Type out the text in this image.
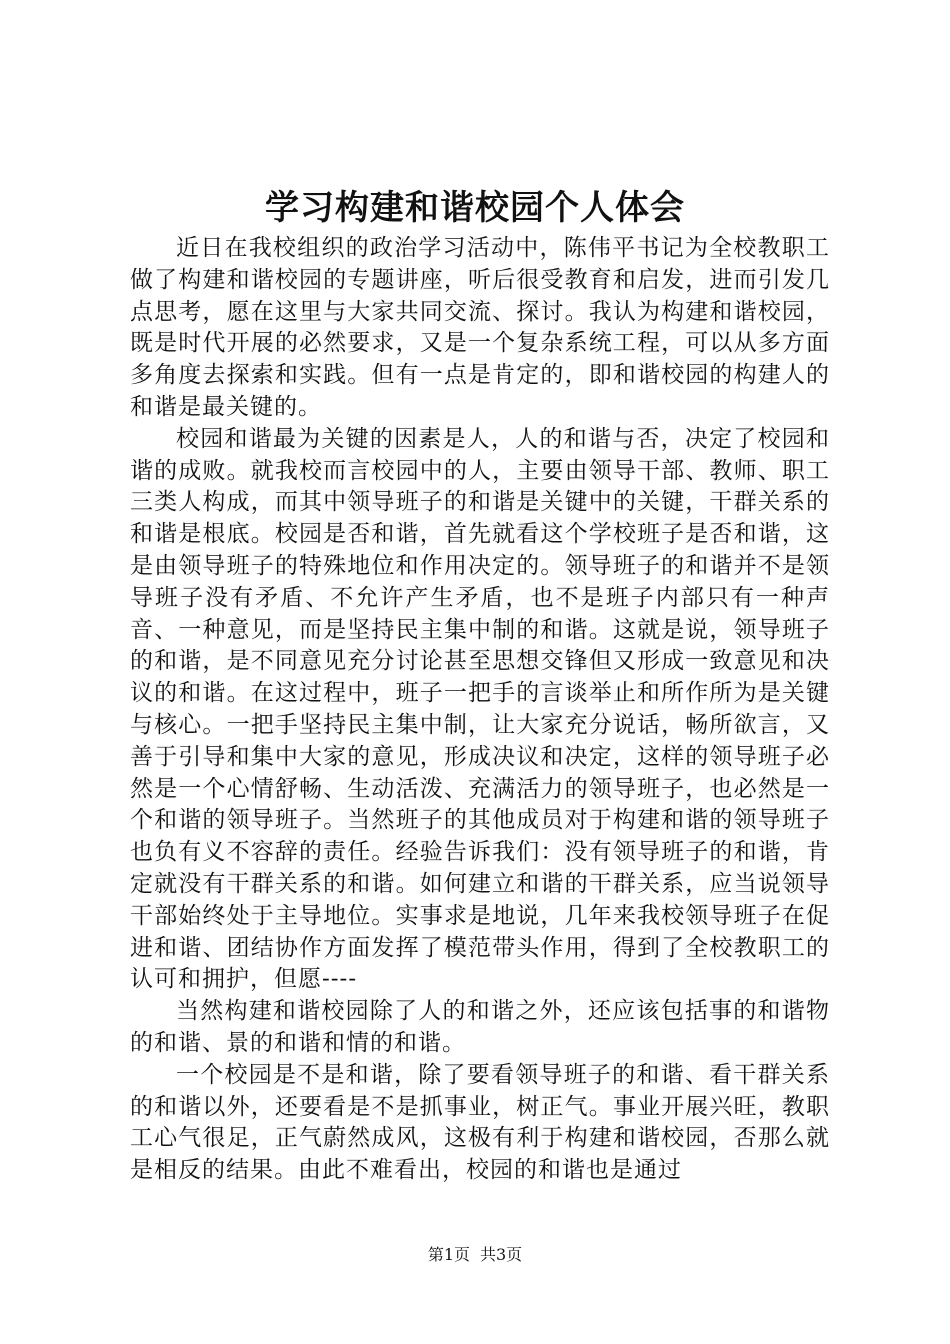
学习构建和谐校园个人体会

近日在我校组织的政治学习活动中，陈伟平书记为全校教职工做了构建和谐校园的专题讲座，听后很受教育和启发，进而引发几点思考，愿在这里与大家共同交流、探讨。我认为构建和谐校园，既是时代开展的必然要求，又是一个复杂系统工程，可以从多方面多角度去探索和实践。但有一点是肯定的，即和谐校园的构建人的和谐是最关键的。

校园和谐最为关键的因素是人，人的和谐与否，决定了校园和谐的成败。就我校而言校园中的人，主要由领导干部、教师、职工三类人构成，而其中领导班子的和谐是关键中的关键，干群关系的和谐是根底。校园是否和谐，首先就看这个学校班子是否和谐，这是由领导班子的特殊地位和作用决定的。领导班子的和谐并不是领导班子没有矛盾、不允许产生矛盾，也不是班子内部只有一种声音、一种意见，而是坚持民主集中制的和谐。这就是说，领导班子的和谐，是不同意见充分讨论甚至思想交锋但又形成一致意见和决议的和谐。在这过程中，班子一把手的言谈举止和所作所为是关键与核心。一把手坚持民主集中制，让大家充分说话，畅所欲言，又善于引导和集中大家的意见，形成决议和决定，这样的领导班子必然是一个心情舒畅、生动活泼、充满活力的领导班子，也必然是一个和谐的领导班子。当然班子的其他成员对于构建和谐的领导班子也负有义不容辞的责任。经验告诉我们：没有领导班子的和谐，肯定就没有干群关系的和谐。如何建立和谐的干群关系，应当说领导干部始终处于主导地位。实事求是地说，几年来我校领导班子在促进和谐、团结协作方面发挥了模范带头作用，得到了全校教职工的认可和拥护，但愿----

当然构建和谐校园除了人的和谐之外，还应该包括事的和谐物的和谐、景的和谐和情的和谐。

一个校园是不是和谐，除了要看领导班子的和谐、看干群关系的和谐以外，还要看是不是抓事业，树正气。事业开展兴旺，教职工心气很足，正气蔚然成风，这极有利于构建和谐校园，否那么就是相反的结果。由此不难看出，校园的和谐也是通过

第1页 共3页
